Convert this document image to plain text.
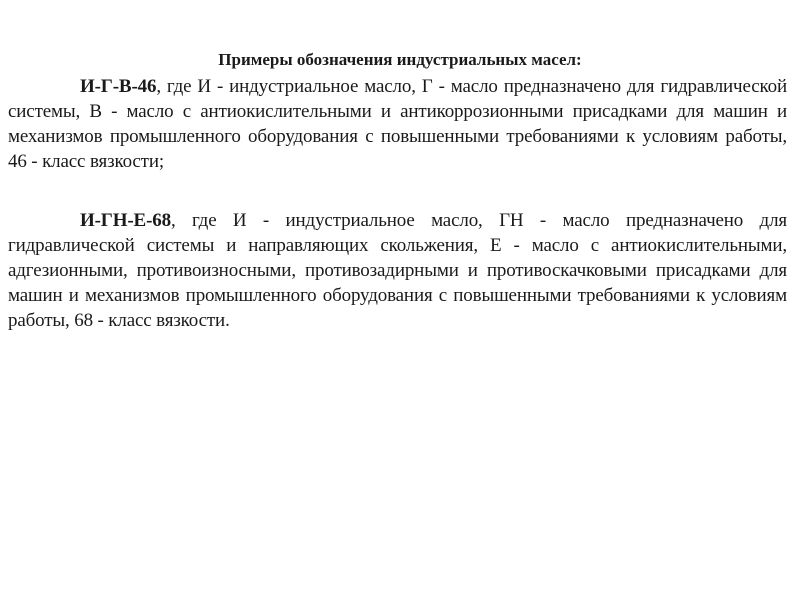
Примеры обозначения индустриальных масел:

И-Г-В-46, где И - индустриальное масло, Г - масло предназначено для гидравлической системы, В - масло с антиокислительными и антикоррозионными присадками для машин и механизмов промышленного оборудования с повышенными требованиями к условиям работы, 46 - класс вязкости;

И-ГН-Е-68, где И - индустриальное масло, ГН - масло предназначено для гидравлической системы и направляющих скольжения, Е - масло с антиокислительными, адгезионными, противоизносными, противозадирными и противоскачковыми присадками для машин и механизмов промышленного оборудования с повышенными требованиями к условиям работы, 68 - класс вязкости.
